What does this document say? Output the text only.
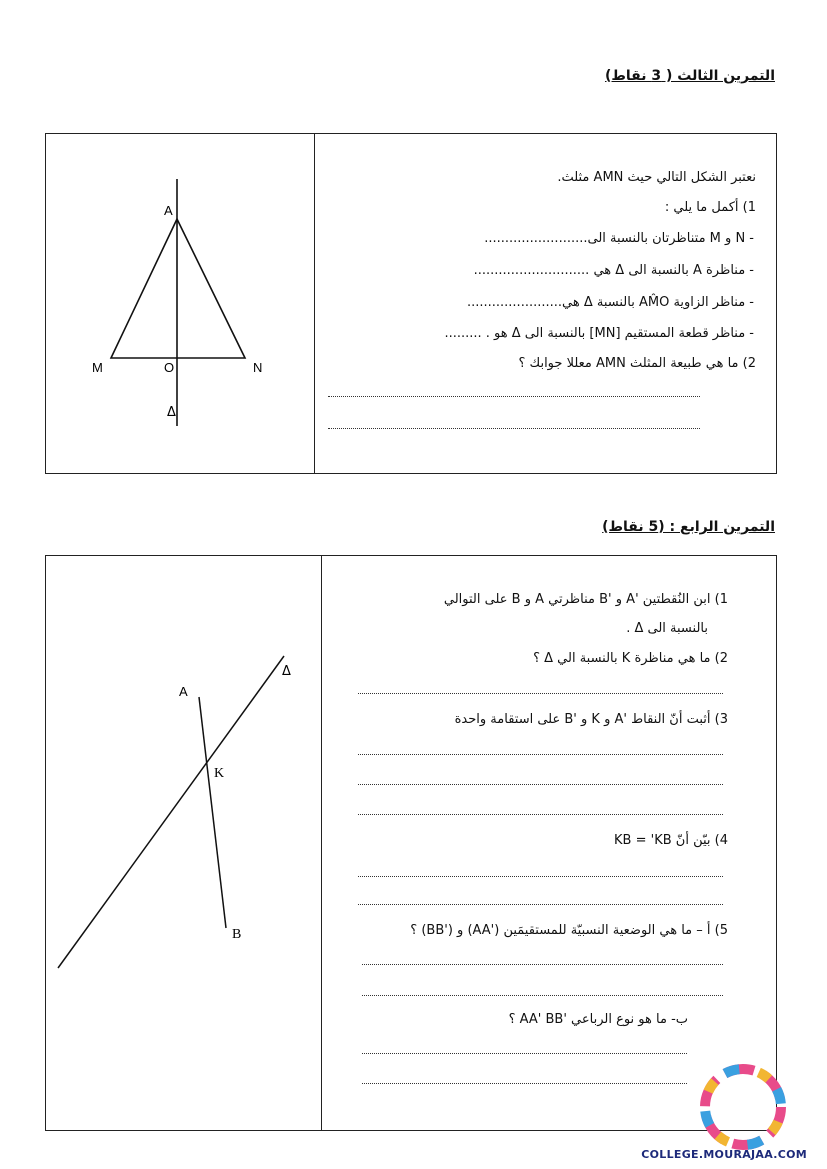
التمرين الثالث ( 3 نقاط)
A
M	O	N
Δ
نعتبر الشكل التالي حيث AMN مثلث.
1) أكمل ما يلي :
- N و M متناظرتان بالنسبة الى.........................
- مناظرة A بالنسبة الى Δ هي ............................
- مناظر الزاوية AM̂O بالنسبة Δ هي.......................
- مناظر قطعة المستقيم [MN] بالنسبة الى Δ هو . .........
2) ما هي طبيعة المثلث AMN معللا جوابك ؟
التمرين الرابع : (5 نقاط)
A
K
B
Δ
1) ابن النُقطتين 'A و 'B مناظرتي A و B على التوالي
بالنسبة الى Δ .
2) ما هي مناظرة K بالنسبة الي Δ ؟
3) أثبت أنّ النقاط 'A و K و 'B على استقامة واحدة
4) بيّن أنّ KB = 'KB
5) أ – ما هي الوضعية النسبيّة للمستقيمَين ('AA) و ('BB) ؟
ب- ما هو نوع الرباعي 'AA' BB ؟
COLLEGE.MOURAJAA.COM
